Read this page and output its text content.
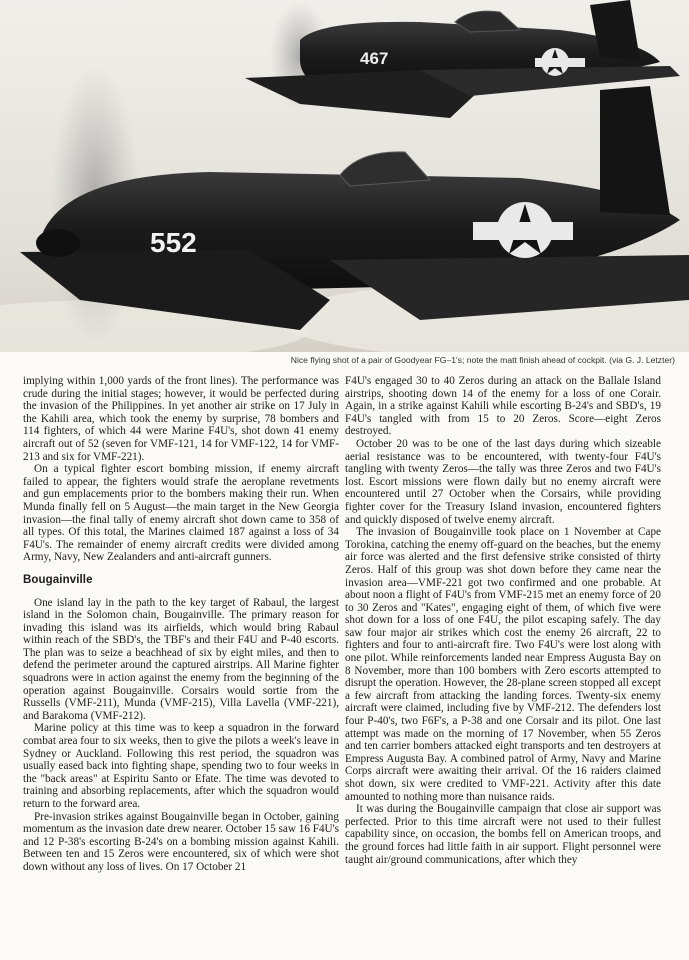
467
552
Nice flying shot of a pair of Goodyear FG–1's; note the matt finish ahead of cockpit. (via G. J. Letzter)

implying within 1,000 yards of the front lines). The performance was crude during the initial stages; however, it would be perfected during the invasion of the Philippines. In yet another air strike on 17 July in the Kahili area, which took the enemy by surprise, 78 bombers and 114 fighters, of which 44 were Marine F4U's, shot down 41 enemy aircraft out of 52 (seven for VMF-121, 14 for VMF-122, 14 for VMF-213 and six for VMF-221).

On a typical fighter escort bombing mission, if enemy aircraft failed to appear, the fighters would strafe the aeroplane revetments and gun emplacements prior to the bombers making their run. When Munda finally fell on 5 August—the main target in the New Georgia invasion—the final tally of enemy aircraft shot down came to 358 of all types. Of this total, the Marines claimed 187 against a loss of 34 F4U's. The remainder of enemy aircraft credits were divided among Army, Navy, New Zealanders and anti-aircraft gunners.

Bougainville

One island lay in the path to the key target of Rabaul, the largest island in the Solomon chain, Bougainville. The primary reason for invading this island was its airfields, which would bring Rabaul within reach of the SBD's, the TBF's and their F4U and P-40 escorts. The plan was to seize a beachhead of six by eight miles, and then to defend the perimeter around the captured airstrips. All Marine fighter squadrons were in action against the enemy from the beginning of the operation against Bougainville. Corsairs would sortie from the Russells (VMF-211), Munda (VMF-215), Villa Lavella (VMF-221), and Barakoma (VMF-212).

Marine policy at this time was to keep a squadron in the forward combat area four to six weeks, then to give the pilots a week's leave in Sydney or Auckland. Following this rest period, the squadron was usually eased back into fighting shape, spending two to four weeks in the "back areas" at Espiritu Santo or Efate. The time was devoted to training and absorbing replacements, after which the squadron would return to the forward area.

Pre-invasion strikes against Bougainville began in October, gaining momentum as the invasion date drew nearer. October 15 saw 16 F4U's and 12 P-38's escorting B-24's on a bombing mission against Kahili. Between ten and 15 Zeros were encountered, six of which were shot down without any loss of lives. On 17 October 21

F4U's engaged 30 to 40 Zeros during an attack on the Ballale Island airstrips, shooting down 14 of the enemy for a loss of one Corair. Again, in a strike against Kahili while escorting B-24's and SBD's, 19 F4U's tangled with from 15 to 20 Zeros. Score—eight Zeros destroyed.

October 20 was to be one of the last days during which sizeable aerial resistance was to be encountered, with twenty-four F4U's tangling with twenty Zeros—the tally was three Zeros and two F4U's lost. Escort missions were flown daily but no enemy aircraft were encountered until 27 October when the Corsairs, while providing fighter cover for the Treasury Island invasion, encountered fighters and quickly disposed of twelve enemy aircraft.

The invasion of Bougainville took place on 1 November at Cape Torokina, catching the enemy off-guard on the beaches, but the enemy air force was alerted and the first defensive strike consisted of thirty Zeros. Half of this group was shot down before they came near the invasion area—VMF-221 got two confirmed and one probable. At about noon a flight of F4U's from VMF-215 met an enemy force of 20 to 30 Zeros and "Kates", engaging eight of them, of which five were shot down for a loss of one F4U, the pilot escaping safely. The day saw four major air strikes which cost the enemy 26 aircraft, 22 to fighters and four to anti-aircraft fire. Two F4U's were lost along with one pilot. While reinforcements landed near Empress Augusta Bay on 8 November, more than 100 bombers with Zero escorts attempted to disrupt the operation. However, the 28-plane screen stopped all except a few aircraft from attacking the landing forces. Twenty-six enemy aircraft were claimed, including five by VMF-212. The defenders lost four P-40's, two F6F's, a P-38 and one Corsair and its pilot. One last attempt was made on the morning of 17 November, when 55 Zeros and ten carrier bombers attacked eight transports and ten destroyers at Empress Augusta Bay. A combined patrol of Army, Navy and Marine Corps aircraft were awaiting their arrival. Of the 16 raiders claimed shot down, six were credited to VMF-221. Activity after this date amounted to nothing more than nuisance raids.

It was during the Bougainville campaign that close air support was perfected. Prior to this time aircraft were not used to their fullest capability since, on occasion, the bombs fell on American troops, and the ground forces had little faith in air support. Flight personnel were taught air/ground communications, after which they
